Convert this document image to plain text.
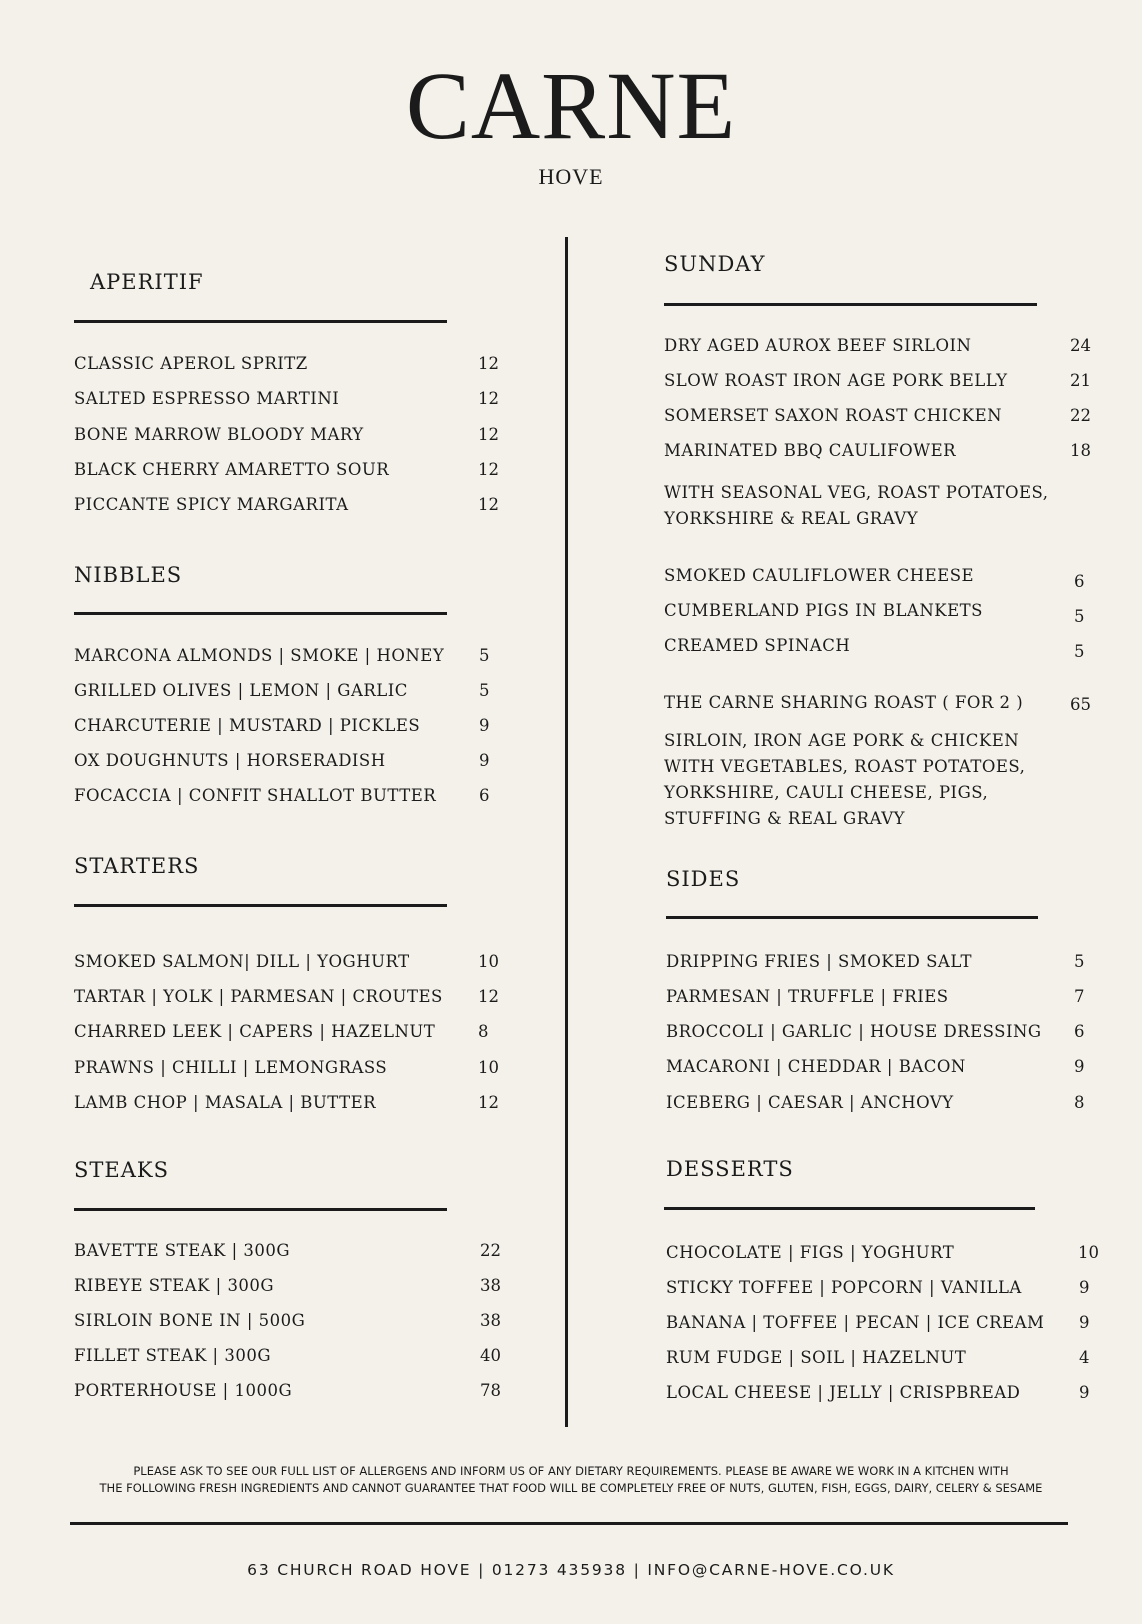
CARNE
HOVE
APERITIF
CLASSIC APEROL SPRITZ	12
SALTED ESPRESSO MARTINI	12
BONE MARROW BLOODY MARY	12
BLACK CHERRY AMARETTO SOUR	12
PICCANTE SPICY MARGARITA	12
NIBBLES
MARCONA ALMONDS | SMOKE | HONEY 5
GRILLED OLIVES | LEMON | GARLIC	5
CHARCUTERIE | MUSTARD | PICKLES	9
OX DOUGHNUTS | HORSERADISH	9
FOCACCIA | CONFIT SHALLOT BUTTER	6
STARTERS
SMOKED SALMON| DILL | YOGHURT	10
TARTAR | YOLK | PARMESAN | CROUTES 12
CHARRED LEEK | CAPERS | HAZELNUT	8
PRAWNS | CHILLI | LEMONGRASS	10
LAMB CHOP | MASALA | BUTTER	12
STEAKS
BAVETTE STEAK | 300G	22
RIBEYE STEAK | 300G	38
SIRLOIN BONE IN | 500G	38
FILLET STEAK | 300G	40
PORTERHOUSE | 1000G	78
SUNDAY
DRY AGED AUROX BEEF SIRLOIN	24
SLOW ROAST IRON AGE PORK BELLY	21
SOMERSET SAXON ROAST CHICKEN	22
MARINATED BBQ CAULIFOWER	18
WITH SEASONAL VEG, ROAST POTATOES,
YORKSHIRE & REAL GRAVY
SMOKED CAULIFLOWER CHEESE	6
CUMBERLAND PIGS IN BLANKETS	5
CREAMED SPINACH	5
THE CARNE SHARING ROAST ( FOR 2 )	65
SIRLOIN, IRON AGE PORK & CHICKEN
WITH VEGETABLES, ROAST POTATOES,
YORKSHIRE, CAULI CHEESE, PIGS,
STUFFING & REAL GRAVY
SIDES
DRIPPING FRIES | SMOKED SALT	5
PARMESAN | TRUFFLE | FRIES	7
BROCCOLI | GARLIC | HOUSE DRESSING 6
MACARONI | CHEDDAR | BACON	9
ICEBERG | CAESAR | ANCHOVY	8
DESSERTS
CHOCOLATE | FIGS | YOGHURT	10
STICKY TOFFEE | POPCORN | VANILLA	9
BANANA | TOFFEE | PECAN | ICE CREAM 9
RUM FUDGE | SOIL | HAZELNUT	4
LOCAL CHEESE | JELLY | CRISPBREAD	9
PLEASE ASK TO SEE OUR FULL LIST OF ALLERGENS AND INFORM US OF ANY DIETARY REQUIREMENTS. PLEASE BE AWARE WE WORK IN A KITCHEN WITH
THE FOLLOWING FRESH INGREDIENTS AND CANNOT GUARANTEE THAT FOOD WILL BE COMPLETELY FREE OF NUTS, GLUTEN, FISH, EGGS, DAIRY, CELERY & SESAME
63 CHURCH ROAD HOVE | 01273 435938 | INFO@CARNE-HOVE.CO.UK
